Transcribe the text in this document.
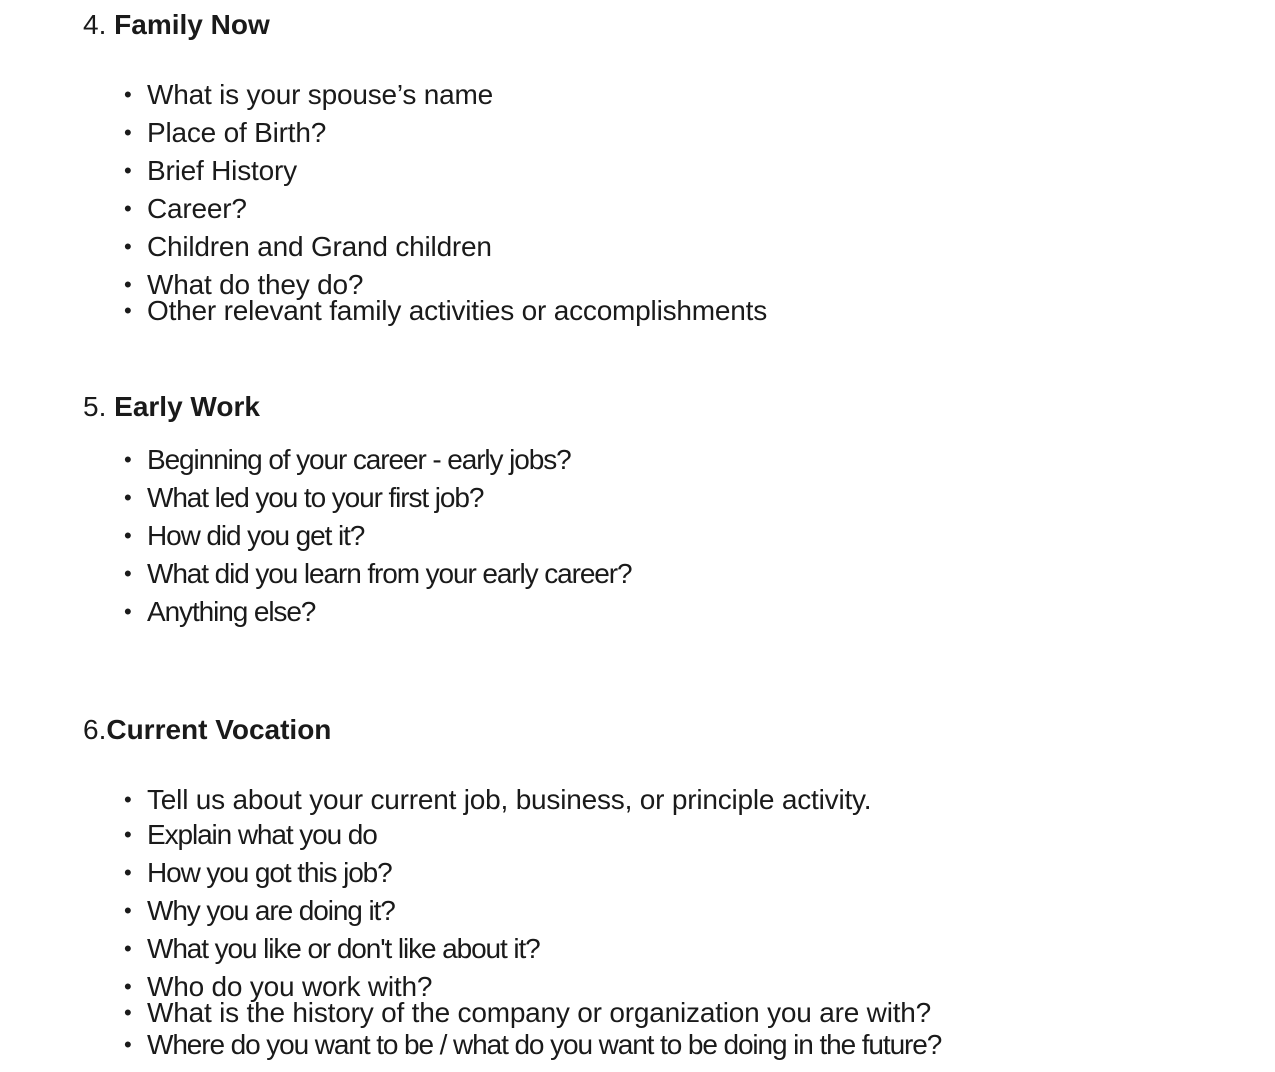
4. Family Now
• What is your spouse’s name
• Place of Birth?
• Brief History
• Career?
• Children and Grand children
• What do they do?
• Other relevant family activities or accomplishments
5. Early Work
• Beginning of your career - early jobs?
• What led you to your first job?
• How did you get it?
• What did you learn from your early career?
• Anything else?
6.Current Vocation
• Tell us about your current job, business, or principle activity.
• Explain what you do
• How you got this job?
• Why you are doing it?
• What you like or don't like about it?
• Who do you work with?
• What is the history of the company or organization you are with?
• Where do you want to be / what do you want to be doing in the future?
